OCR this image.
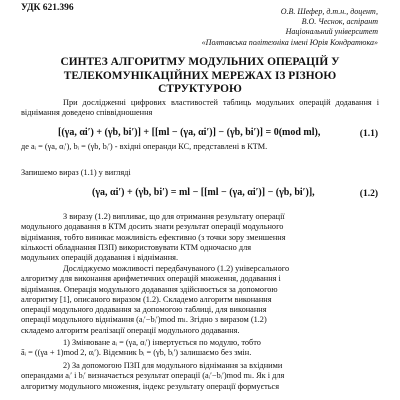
УДК 621.396	О.В. Шефер, д.т.н., доцент,
В.О. Чеснок, аспірант
Національний університет
«Полтавська політехніка імені Юрія Кондратюка»
СИНТЕЗ АЛГОРИТМУ МОДУЛЬНИХ ОПЕРАЦІЙ У
ТЕЛЕКОМУНІКАЦІЙНИХ МЕРЕЖАХ ІЗ РІЗНОЮ
СТРУКТУРОЮ
При дослідженні цифрових властивостей таблиць модульних операцій додавання і віднімання доведено співвідношення
[(γa, αi′) + (γb, bi′)] + [[ml − (γa, αi′)] − (γb, bi′)] = 0(mod ml),	(1.1)
де aᵢ = (γa, αᵢ′), bᵢ = (γb, bᵢ′) - вхідні операнди КС, представлені в КТМ.
Запишемо вираз (1.1) у вигляді
(γa, αi′) + (γb, bi′) = ml − [[ml − (γa, αi′)] − (γb, bi′)],	(1.2)
З виразу (1.2) випливає, що для отримання результату операції
модульного додавання в КТМ досить знати результат операції модульного
віднімання, тобто виникає можливість ефективно (з точки зору зменшення
кількості обладнання ПЗП) використовувати КТМ одночасно для
модульних операцій додавання і віднімання.
Досліджуємо можливості передбачуваного (1.2) універсального
алгоритму для виконання арифметичних операцій множення, додавання і
віднімання. Операція модульного додавання здійснюється за допомогою
алгоритму [1], описаного виразом (1.2). Складемо алгоритм виконання
операції модульного додавання за допомогою таблиці, для виконання
операції модульного віднімання (aᵢ′−bᵢ′)mod mₗ. Згідно з виразом (1.2)
складемо алгоритм реалізації операції модульного додавання.
1) Змінюване aᵢ = (γa, αᵢ′) інвертується по модулю, тобто
āᵢ = ((γa + 1)mod 2, αᵢ′). Відємник bᵢ = (γb, bᵢ′) залишаємо без змін.
2) За допомогою ПЗП для модульного віднімання за вхідними
операндами aᵢ′ і bᵢ′ визначається результат операції (aᵢ′−bᵢ′)mod mₗ. Як і для
алгоритму модульного множення, індекс результату операції формується
